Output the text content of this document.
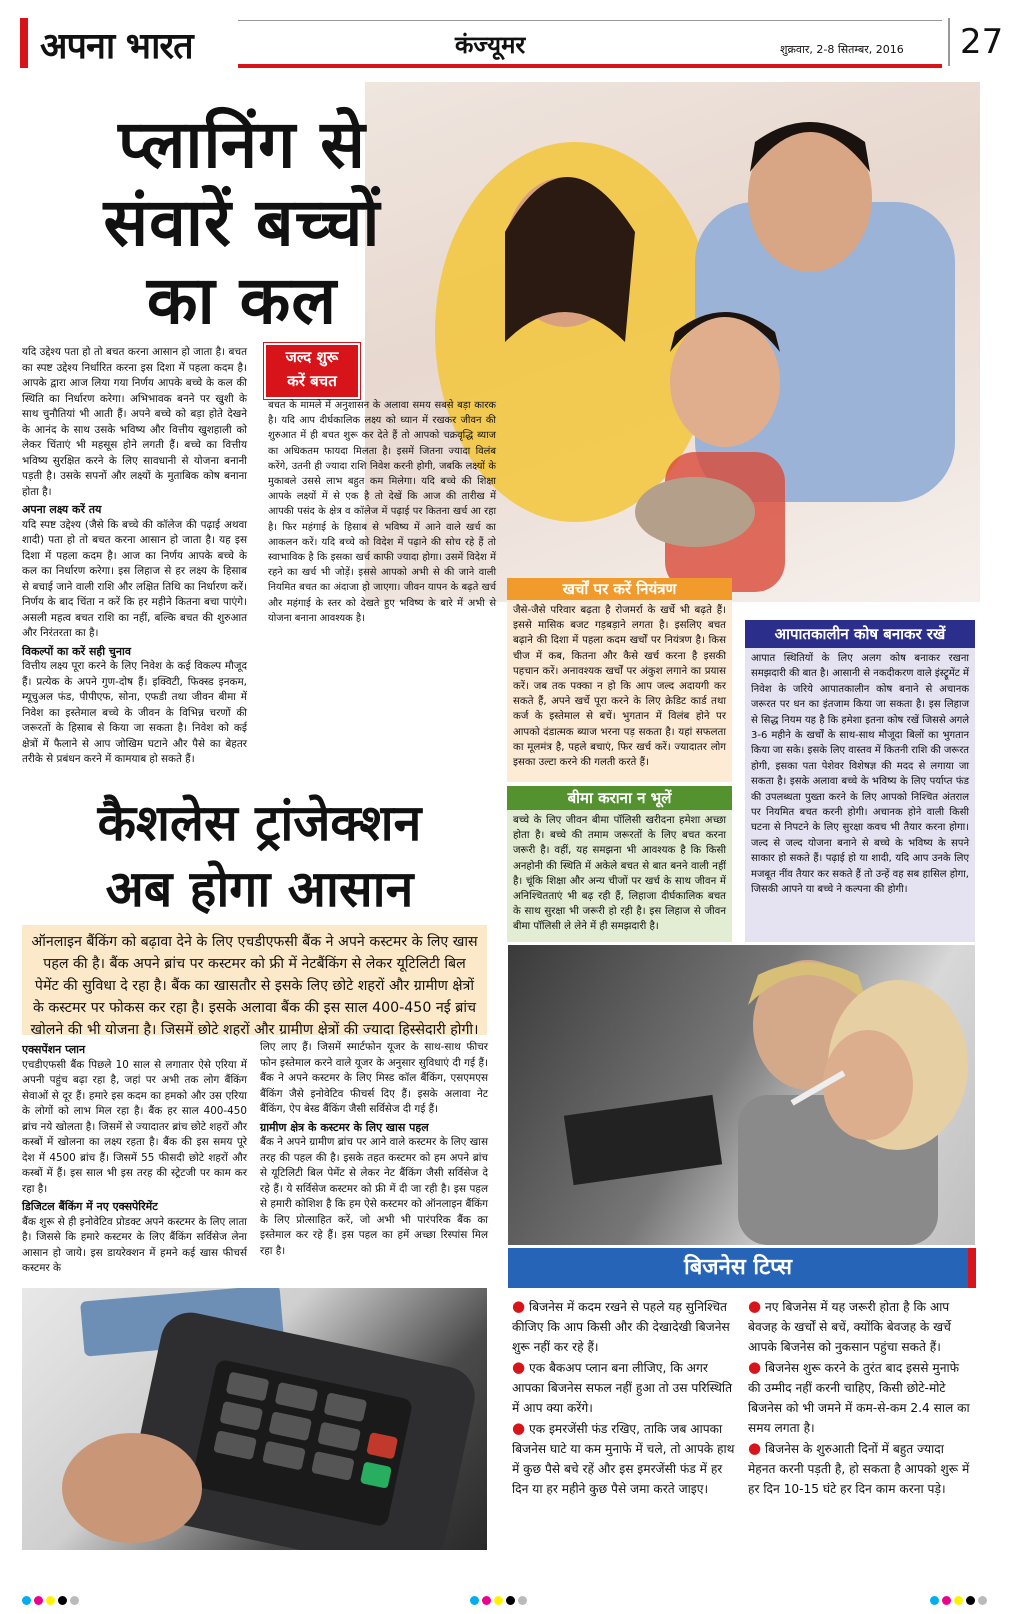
अपना भारत	कंज्यूमर	शुक्रवार, 2-8 सितम्बर, 2016	27
प्लानिंग से
संवारें बच्चों
का कल
यदि उद्देश्य पता हो तो बचत करना आसान हो जाता है। बचत का स्पष्ट उद्देश्य निर्धारित करना इस दिशा में पहला कदम है। आपके द्वारा आज लिया गया निर्णय आपके बच्चे के कल की स्थिति का निर्धारण करेगा। अभिभावक बनने पर खुशी के साथ चुनौतियां भी आती हैं। अपने बच्चे को बड़ा होते देखने के आनंद के साथ उसके भविष्य और वित्तीय खुशहाली को लेकर चिंताएं भी महसूस होने लगती हैं। बच्चे का वित्तीय भविष्य सुरक्षित करने के लिए सावधानी से योजना बनानी पड़ती है। उसके सपनों और लक्ष्यों के मुताबिक कोष बनाना होता है।
अपना लक्ष्य करें तय
यदि स्पष्ट उद्देश्य (जैसे कि बच्चे की कॉलेज की पढ़ाई अथवा शादी) पता हो तो बचत करना आसान हो जाता है। यह इस दिशा में पहला कदम है। आज का निर्णय आपके बच्चे के कल का निर्धारण करेगा। इस लिहाज से हर लक्ष्य के हिसाब से बचाई जाने वाली राशि और लक्षित तिथि का निर्धारण करें। निर्णय के बाद चिंता न करें कि हर महीने कितना बचा पाएंगे। असली महत्व बचत राशि का नहीं, बल्कि बचत की शुरुआत और निरंतरता का है।
विकल्पों का करें सही चुनाव
वित्तीय लक्ष्य पूरा करने के लिए निवेश के कई विकल्प मौजूद हैं। प्रत्येक के अपने गुण-दोष हैं। इक्विटी, फिक्स्ड इनकम, म्यूचुअल फंड, पीपीएफ, सोना, एफडी तथा जीवन बीमा में निवेश का इस्तेमाल बच्चे के जीवन के विभिन्न चरणों की जरूरतों के हिसाब से किया जा सकता है। निवेश को कई क्षेत्रों में फैलाने से आप जोखिम घटाने और पैसे का बेहतर तरीके से प्रबंधन करने में कामयाब हो सकते हैं।
जल्द शुरू
करें बचत
बचत के मामले में अनुशासन के अलावा समय सबसे बड़ा कारक है। यदि आप दीर्घकालिक लक्ष्य को ध्यान में रखकर जीवन की शुरुआत में ही बचत शुरू कर देते हैं तो आपको चक्रवृद्धि ब्याज का अधिकतम फायदा मिलता है। इसमें जितना ज्यादा विलंब करेंगे, उतनी ही ज्यादा राशि निवेश करनी होगी, जबकि लक्ष्यों के मुकाबले उससे लाभ बहुत कम मिलेगा। यदि बच्चे की शिक्षा आपके लक्ष्यों में से एक है तो देखें कि आज की तारीख में आपकी पसंद के क्षेत्र व कॉलेज में पढ़ाई पर कितना खर्च आ रहा है। फिर महंगाई के हिसाब से भविष्य में आने वाले खर्च का आकलन करें। यदि बच्चे को विदेश में पढ़ाने की सोच रहे हैं तो स्वाभाविक है कि इसका खर्च काफी ज्यादा होगा। उसमें विदेश में रहने का खर्च भी जोड़ें। इससे आपको अभी से की जाने वाली नियमित बचत का अंदाजा हो जाएगा। जीवन यापन के बढ़ते खर्च और महंगाई के स्तर को देखते हुए भविष्य के बारे में अभी से योजना बनाना आवश्यक है।
खर्चों पर करें नियंत्रण
जैसे-जैसे परिवार बढ़ता है रोजमर्रा के खर्चे भी बढ़ते हैं। इससे मासिक बजट गड़बड़ाने लगता है। इसलिए बचत बढ़ाने की दिशा में पहला कदम खर्चों पर नियंत्रण है। किस चीज में कब, कितना और कैसे खर्च करना है इसकी पहचान करें। अनावश्यक खर्चों पर अंकुश लगाने का प्रयास करें। जब तक पक्का न हो कि आप जल्द अदायगी कर सकते हैं, अपने खर्चे पूरा करने के लिए क्रेडिट कार्ड तथा कर्ज के इस्तेमाल से बचें। भुगतान में विलंब होने पर आपको दंडात्मक ब्याज भरना पड़ सकता है। यहां सफलता का मूलमंत्र है, पहले बचाएं, फिर खर्च करें। ज्यादातर लोग इसका उल्टा करने की गलती करते हैं।
बीमा कराना न भूलें
बच्चे के लिए जीवन बीमा पॉलिसी खरीदना हमेशा अच्छा होता है। बच्चे की तमाम जरूरतों के लिए बचत करना जरूरी है। वहीं, यह समझना भी आवश्यक है कि किसी अनहोनी की स्थिति में अकेले बचत से बात बनने वाली नहीं है। चूंकि शिक्षा और अन्य चीजों पर खर्च के साथ जीवन में अनिश्चितताएं भी बढ़ रही हैं, लिहाजा दीर्घकालिक बचत के साथ सुरक्षा भी जरूरी हो रही है। इस लिहाज से जीवन बीमा पॉलिसी ले लेने में ही समझदारी है।
आपातकालीन कोष बनाकर रखें
आपात स्थितियों के लिए अलग कोष बनाकर रखना समझदारी की बात है। आसानी से नकदीकरण वाले इंस्ट्रूमेंट में निवेश के जरिये आपातकालीन कोष बनाने से अचानक जरूरत पर धन का इंतजाम किया जा सकता है। इस लिहाज से सिद्ध नियम यह है कि हमेशा इतना कोष रखें जिससे अगले 3-6 महीने के खर्चों के साथ-साथ मौजूदा बिलों का भुगतान किया जा सके। इसके लिए वास्तव में कितनी राशि की जरूरत होगी, इसका पता पेशेवर विशेषज्ञ की मदद से लगाया जा सकता है। इसके अलावा बच्चे के भविष्य के लिए पर्याप्त फंड की उपलब्धता पुख्ता करने के लिए आपको निश्चित अंतराल पर नियमित बचत करनी होगी। अचानक होने वाली किसी घटना से निपटने के लिए सुरक्षा कवच भी तैयार करना होगा। जल्द से जल्द योजना बनाने से बच्चे के भविष्य के सपने साकार हो सकते हैं। पढ़ाई हो या शादी, यदि आप उनके लिए मजबूत नींव तैयार कर सकते हैं तो उन्हें वह सब हासिल होगा, जिसकी आपने या बच्चे ने कल्पना की होगी।
कैशलेस ट्रांजेक्शन
अब होगा आसान
ऑनलाइन बैंकिंग को बढ़ावा देने के लिए एचडीएफसी बैंक ने अपने कस्टमर के लिए खास पहल की है। बैंक अपने ब्रांच पर कस्टमर को फ्री में नेटबैंकिंग से लेकर यूटिलिटी बिल पेमेंट की सुविधा दे रहा है। बैंक का खासतौर से इसके लिए छोटे शहरों और ग्रामीण क्षेत्रों के कस्टमर पर फोकस कर रहा है। इसके अलावा बैंक की इस साल 400-450 नई ब्रांच खोलने की भी योजना है। जिसमें छोटे शहरों और ग्रामीण क्षेत्रों की ज्यादा हिस्सेदारी होगी।
एक्सपेंशन प्लान
एचडीएफसी बैंक पिछले 10 साल से लगातार ऐसे एरिया में अपनी पहुंच बढ़ा रहा है, जहां पर अभी तक लोग बैंकिंग सेवाओं से दूर हैं। हमारे इस कदम का हमको और उस एरिया के लोगों को लाभ मिल रहा है। बैंक हर साल 400-450 ब्रांच नये खोलता है। जिसमें से ज्यादातर ब्रांच छोटे शहरों और कस्बों में खोलना का लक्ष्य रहता है। बैंक की इस समय पूरे देश में 4500 ब्रांच हैं। जिसमें 55 फीसदी छोटे शहरों और कस्बों में हैं। इस साल भी इस तरह की स्ट्रेटजी पर काम कर रहा है।
डिजिटल बैंकिंग में नए एक्सपेरिमेंट
बैंक शुरू से ही इनोवेटिव प्रोडक्ट अपने कस्टमर के लिए लाता है। जिससे कि हमारे कस्टमर के लिए बैंकिंग सर्विसेज लेना आसान हो जाये। इस डायरेक्शन में हमने कई खास फीचर्स कस्टमर के
लिए लाए हैं। जिसमें स्मार्टफोन यूजर के साथ-साथ फीचर फोन इस्तेमाल करने वाले यूजर के अनुसार सुविधाएं दी गई हैं। बैंक ने अपने कस्टमर के लिए मिस्ड कॉल बैंकिंग, एसएमएस बैंकिंग जैसे इनोवेटिव फीचर्स दिए हैं। इसके अलावा नेट बैंकिंग, ऐप बेस्ड बैंकिंग जैसी सर्विसेज दी गई हैं।
ग्रामीण क्षेत्र के कस्टमर के लिए खास पहल
बैंक ने अपने ग्रामीण ब्रांच पर आने वाले कस्टमर के लिए खास तरह की पहल की है। इसके तहत कस्टमर को हम अपने ब्रांच से यूटिलिटी बिल पेमेंट से लेकर नेट बैंकिंग जैसी सर्विसेज दे रहे हैं। ये सर्विसेज कस्टमर को फ्री में दी जा रही है। इस पहल से हमारी कोशिश है कि हम ऐसे कस्टमर को ऑनलाइन बैंकिंग के लिए प्रोत्साहित करें, जो अभी भी पारंपरिक बैंक का इस्तेमाल कर रहे हैं। इस पहल का हमें अच्छा रिस्पांस मिल रहा है।
बिजनेस टिप्स

● बिजनेस में कदम रखने से पहले यह सुनिश्चित कीजिए कि आप किसी और की देखादेखी बिजनेस शुरू नहीं कर रहे हैं।

● एक बैकअप प्लान बना लीजिए, कि अगर आपका बिजनेस सफल नहीं हुआ तो उस परिस्थिति में आप क्या करेंगे।

● एक इमरजेंसी फंड रखिए, ताकि जब आपका बिजनेस घाटे या कम मुनाफे में चले, तो आपके हाथ में कुछ पैसे बचे रहें और इस इमरजेंसी फंड में हर दिन या हर महीने कुछ पैसे जमा करते जाइए।

● नए बिजनेस में यह जरूरी होता है कि आप बेवजह के खर्चों से बचें, क्योंकि बेवजह के खर्चे आपके बिजनेस को नुकसान पहुंचा सकते हैं।

● बिजनेस शुरू करने के तुरंत बाद इससे मुनाफे की उम्मीद नहीं करनी चाहिए, किसी छोटे-मोटे बिजनेस को भी जमने में कम-से-कम 2.4 साल का समय लगता है।

● बिजनेस के शुरुआती दिनों में बहुत ज्यादा मेहनत करनी पड़ती है, हो सकता है आपको शुरू में हर दिन 10-15 घंटे हर दिन काम करना पड़े।
